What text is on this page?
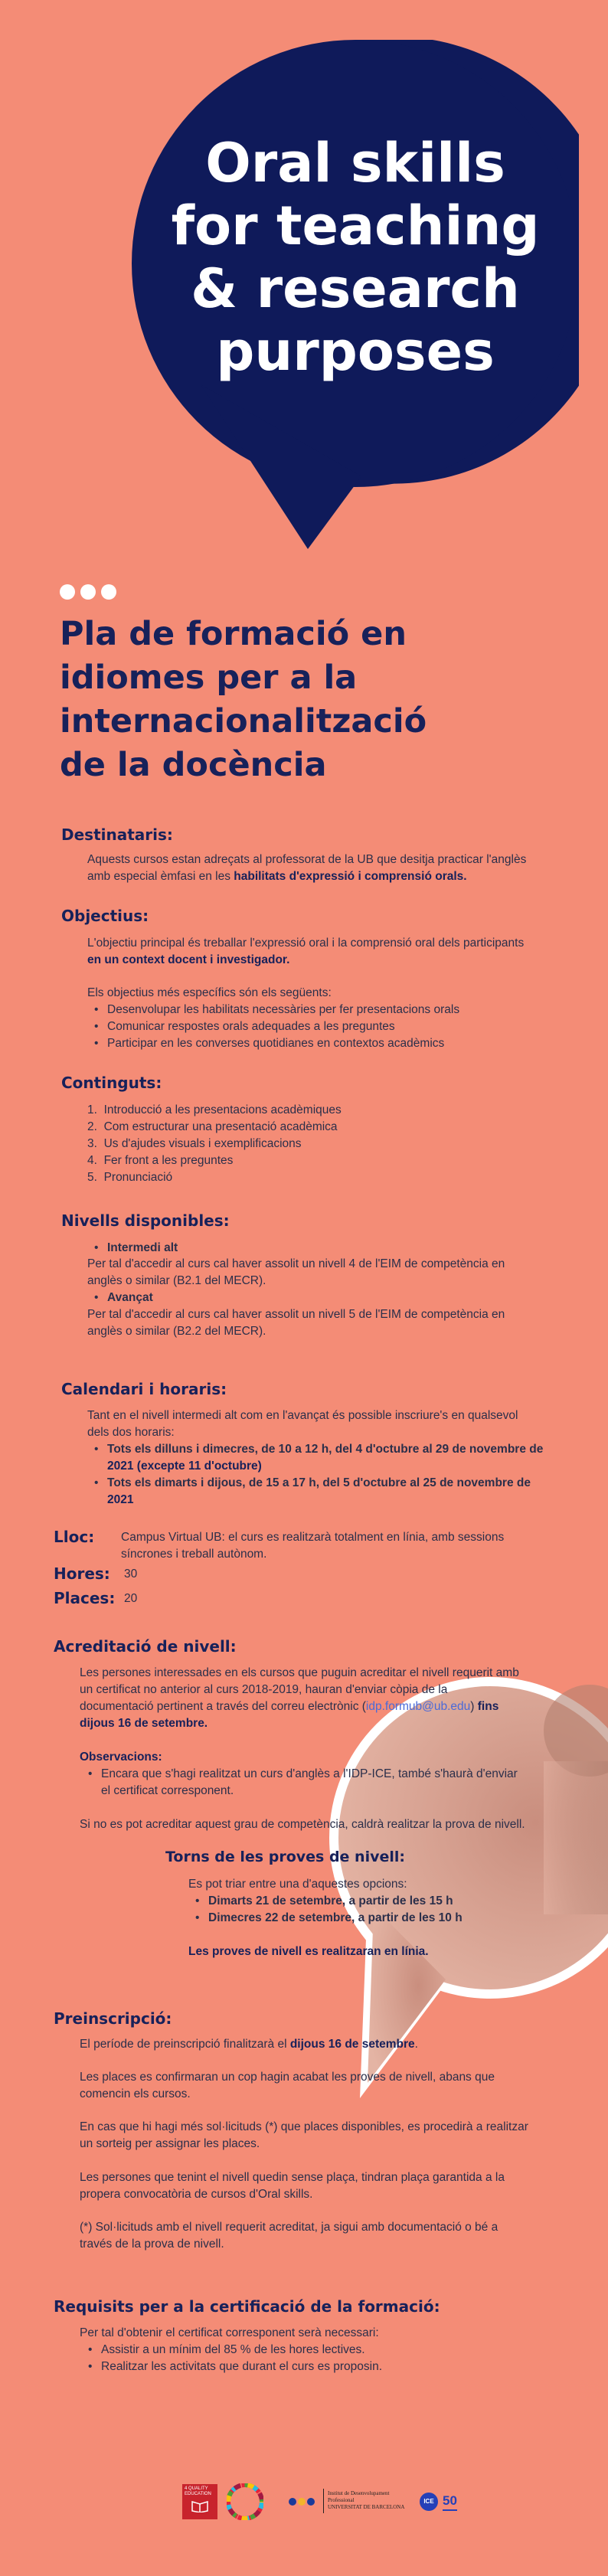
Oral skills
for teaching
& research
purposes
Pla de formació en
idiomes per a la
internacionalització
de la docència
Destinataris:
Aquests cursos estan adreçats al professorat de la UB que desitja practicar l'anglès
amb especial èmfasi en les habilitats d'expressió i comprensió orals.
Objectius:
L'objectiu principal és treballar l'expressió oral i la comprensió oral dels participants
en un context docent i investigador.
Els objectius més específics són els següents:
• Desenvolupar les habilitats necessàries per fer presentacions orals
• Comunicar respostes orals adequades a les preguntes
• Participar en les converses quotidianes en contextos acadèmics
Continguts:
1. Introducció a les presentacions acadèmiques
2. Com estructurar una presentació acadèmica
3. Us d'ajudes visuals i exemplificacions
4. Fer front a les preguntes
5. Pronunciació
Nivells disponibles:
• Intermedi alt
Per tal d'accedir al curs cal haver assolit un nivell 4 de l'EIM de competència en
anglès o similar (B2.1 del MECR).
• Avançat
Per tal d'accedir al curs cal haver assolit un nivell 5 de l'EIM de competència en
anglès o similar (B2.2 del MECR).
Calendari i horaris:
Tant en el nivell intermedi alt com en l'avançat és possible inscriure's en qualsevol
dels dos horaris:
• Tots els dilluns i dimecres, de 10 a 12 h, del 4 d'octubre al 29 de novembre de
2021 (excepte 11 d'octubre)
• Tots els dimarts i dijous, de 15 a 17 h, del 5 d'octubre al 25 de novembre de
2021
Lloc: Campus Virtual UB: el curs es realitzarà totalment en línia, amb sessions
síncrones i treball autònom.
Hores: 30
Places: 20
Acreditació de nivell:
Les persones interessades en els cursos que puguin acreditar el nivell requerit amb
un certificat no anterior al curs 2018-2019, hauran d'enviar còpia de la
documentació pertinent a través del correu electrònic (idp.formub@ub.edu) fins
dijous 16 de setembre.
Observacions:
• Encara que s'hagi realitzat un curs d'anglès a l'IDP-ICE, també s'haurà d'enviar
el certificat corresponent.
Si no es pot acreditar aquest grau de competència, caldrà realitzar la prova de nivell.
Torns de les proves de nivell:
Es pot triar entre una d'aquestes opcions:
• Dimarts 21 de setembre, a partir de les 15 h
• Dimecres 22 de setembre, a partir de les 10 h
Les proves de nivell es realitzaran en línia.
Preinscripció:
El període de preinscripció finalitzarà el dijous 16 de setembre.
Les places es confirmaran un cop hagin acabat les proves de nivell, abans que
comencin els cursos.
En cas que hi hagi més sol·licituds (*) que places disponibles, es procedirà a realitzar
un sorteig per assignar les places.
Les persones que tenint el nivell quedin sense plaça, tindran plaça garantida a la
propera convocatòria de cursos d'Oral skills.
(*) Sol·licituds amb el nivell requerit acreditat, ja sigui amb documentació o bé a
través de la prova de nivell.
Requisits per a la certificació de la formació:
Per tal d'obtenir el certificat corresponent serà necessari:
• Assistir a un mínim del 85 % de les hores lectives.
• Realitzar les activitats que durant el curs es proposin.
4 QUALITY EDUCATION	Institut de Desenvolupament
Professional
UNIVERSITAT DE BARCELONA
ICE 50
